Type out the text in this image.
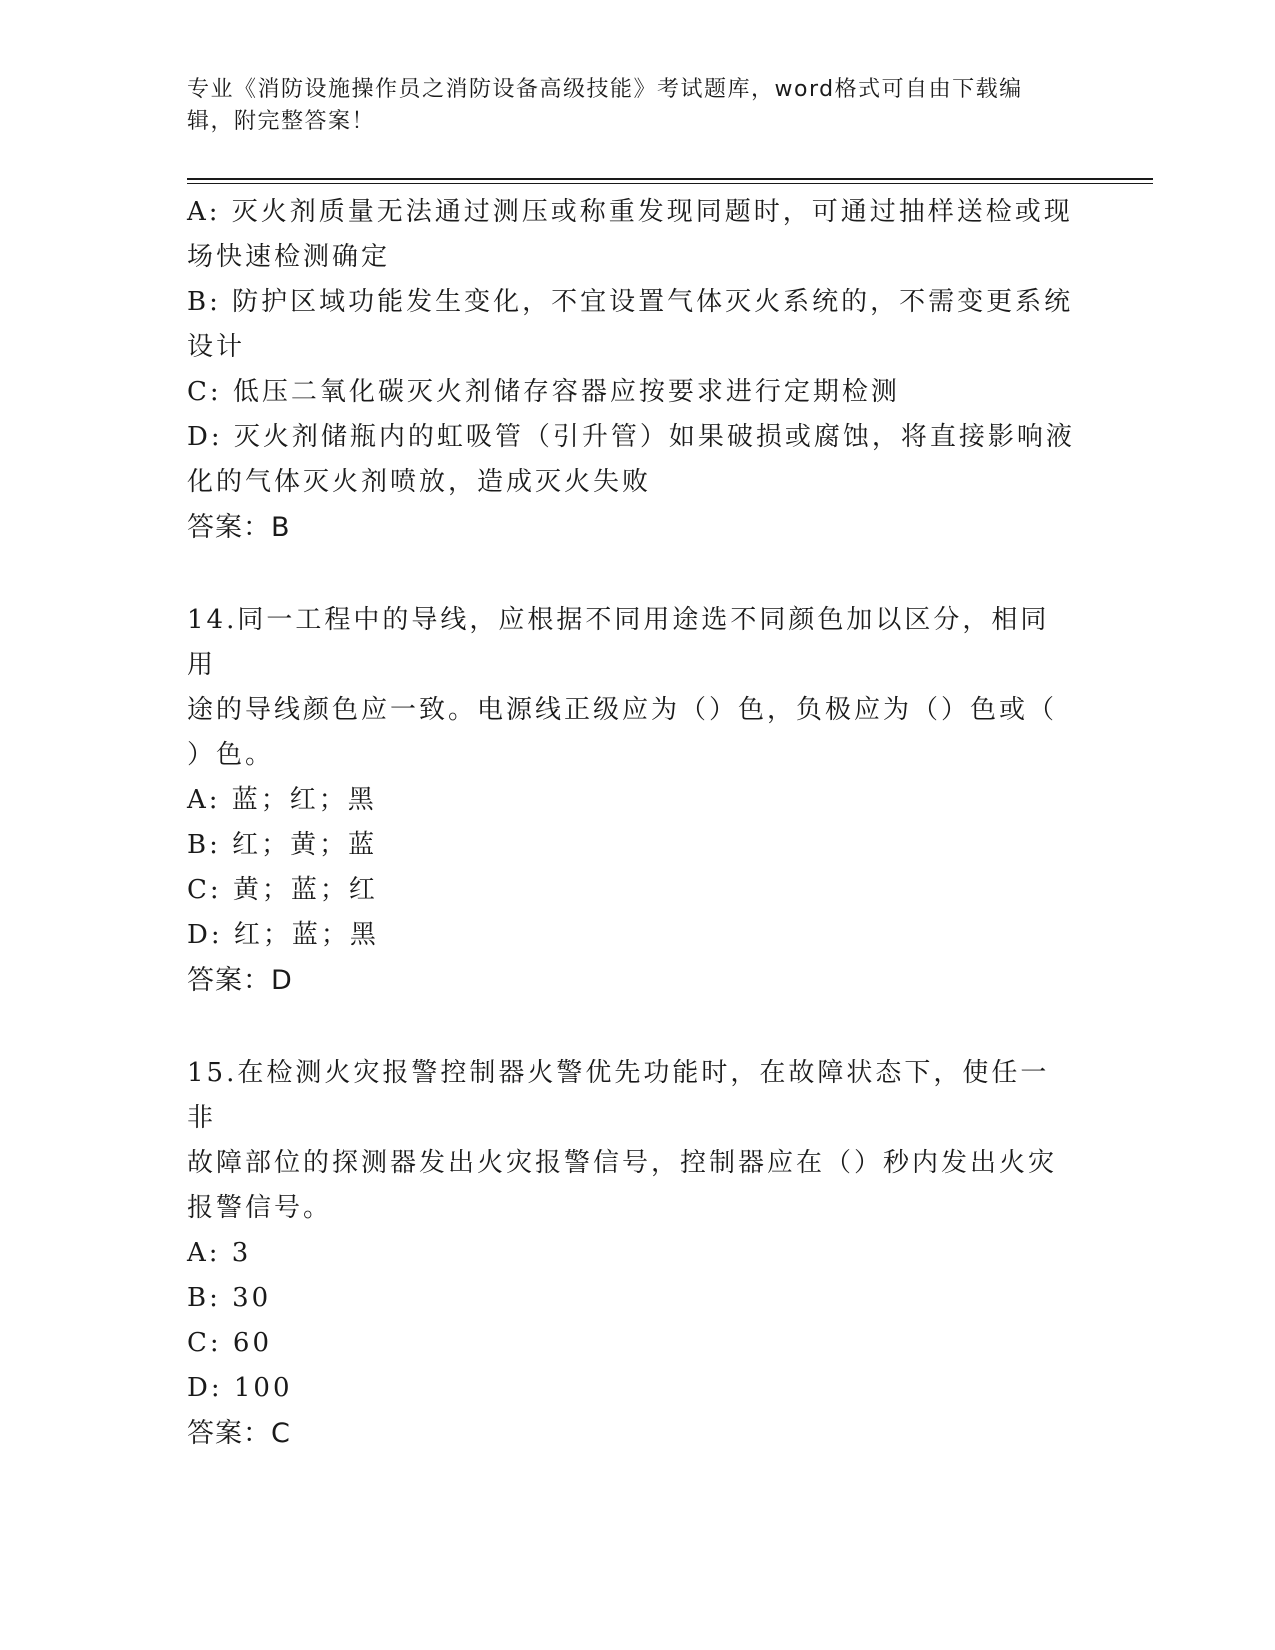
专业《消防设施操作员之消防设备高级技能》考试题库，word格式可自由下载编
辑，附完整答案！

A: 灭火剂质量无法通过测压或称重发现同题时，可通过抽样送检或现

场快速检测确定

B: 防护区域功能发生变化，不宜设置气体灭火系统的，不需变更系统

设计

C: 低压二氧化碳灭火剂储存容器应按要求进行定期检测

D: 灭火剂储瓶内的虹吸管（引升管）如果破损或腐蚀，将直接影响液

化的气体灭火剂喷放，造成灭火失败

答案：B

14.同一工程中的导线，应根据不同用途选不同颜色加以区分，相同用

途的导线颜色应一致。电源线正级应为（）色，负极应为（）色或（

）色。

A: 蓝；红；黑

B: 红；黄；蓝

C: 黄；蓝；红

D: 红；蓝；黑

答案：D

15.在检测火灾报警控制器火警优先功能时，在故障状态下，使任一非

故障部位的探测器发出火灾报警信号，控制器应在（）秒内发出火灾

报警信号。

A: 3

B: 30

C: 60

D: 100

答案：C
